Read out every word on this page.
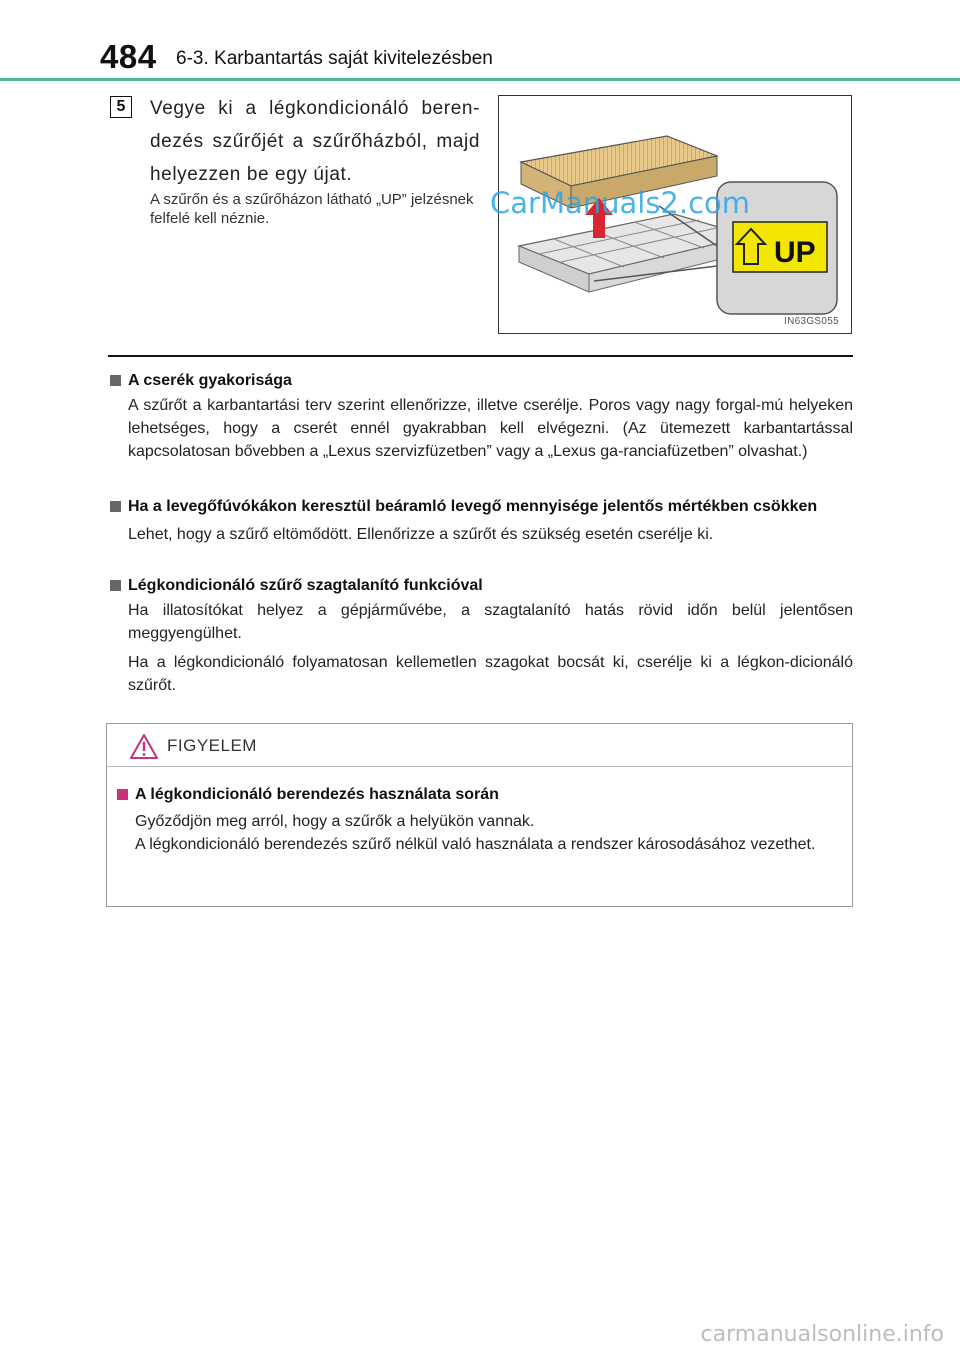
484 6-3. Karbantartás saját kivitelezésben
5	Vegye ki a légkondicionáló beren-dezés szűrőjét a szűrőházból, majd helyezzen be egy újat.
A szűrőn és a szűrőházon látható „UP” jelzésnek felfelé kell néznie.
UP
IN63GS055
CarManuals2.com
A cserék gyakorisága
A szűrőt a karbantartási terv szerint ellenőrizze, illetve cserélje. Poros vagy nagy forgal-mú helyeken lehetséges, hogy a cserét ennél gyakrabban kell elvégezni. (Az ütemezett karbantartással kapcsolatosan bővebben a „Lexus szervizfüzetben” vagy a „Lexus ga-ranciafüzetben” olvashat.)
Ha a levegőfúvókákon keresztül beáramló levegő mennyisége jelentős mértékben csökken
Lehet, hogy a szűrő eltömődött. Ellenőrizze a szűrőt és szükség esetén cserélje ki.
Légkondicionáló szűrő szagtalanító funkcióval
Ha illatosítókat helyez a gépjárművébe, a szagtalanító hatás rövid időn belül jelentősen meggyengülhet.
Ha a légkondicionáló folyamatosan kellemetlen szagokat bocsát ki, cserélje ki a légkon-dicionáló szűrőt.
FIGYELEM
A légkondicionáló berendezés használata során
Győződjön meg arról, hogy a szűrők a helyükön vannak.
A légkondicionáló berendezés szűrő nélkül való használata a rendszer károsodásához vezethet.
carmanualsonline.info
